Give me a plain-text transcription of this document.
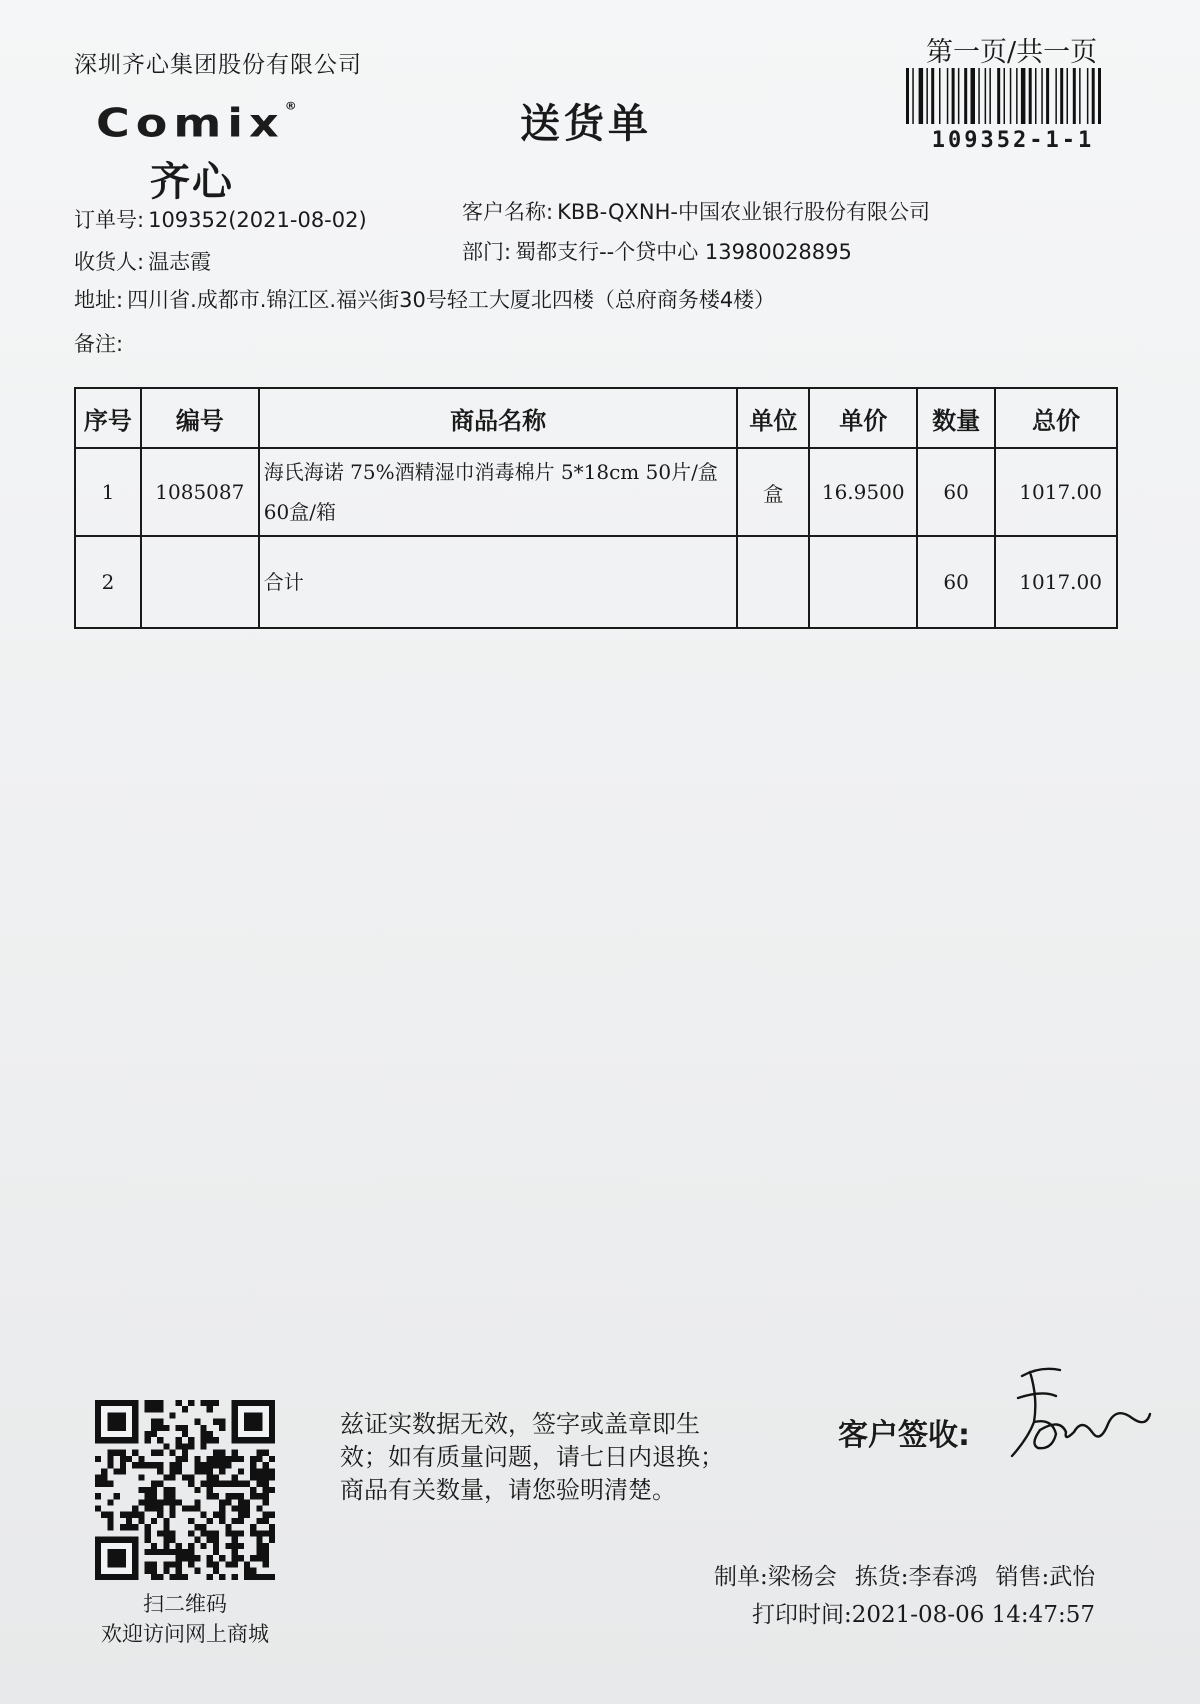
深圳齐心集团股份有限公司
Comix®
齐心
送货单
第一页/共一页
109352-1-1
订单号: 109352(2021-08-02)	客户名称: KBB-QXNH-中国农业银行股份有限公司
收货人: 温志霞	部门: 蜀都支行--个贷中心 13980028895
地址: 四川省.成都市.锦江区.福兴街30号轻工大厦北四楼（总府商务楼4楼）
备注:
序号	编号	商品名称	单位	单价	数量	总价
1	1085087	海氏海诺 75%酒精湿巾消毒棉片 5*18cm 50片/盒 60盒/箱	盒	16.9500	60	1017.00
2		合计			60	1017.00
扫二维码
欢迎访问网上商城
兹证实数据无效，签字或盖章即生效；如有质量问题，请七日内退换；商品有关数量，请您验明清楚。
客户签收:
制单:梁杨会 拣货:李春鸿 销售:武怡
打印时间:2021-08-06 14:47:57
